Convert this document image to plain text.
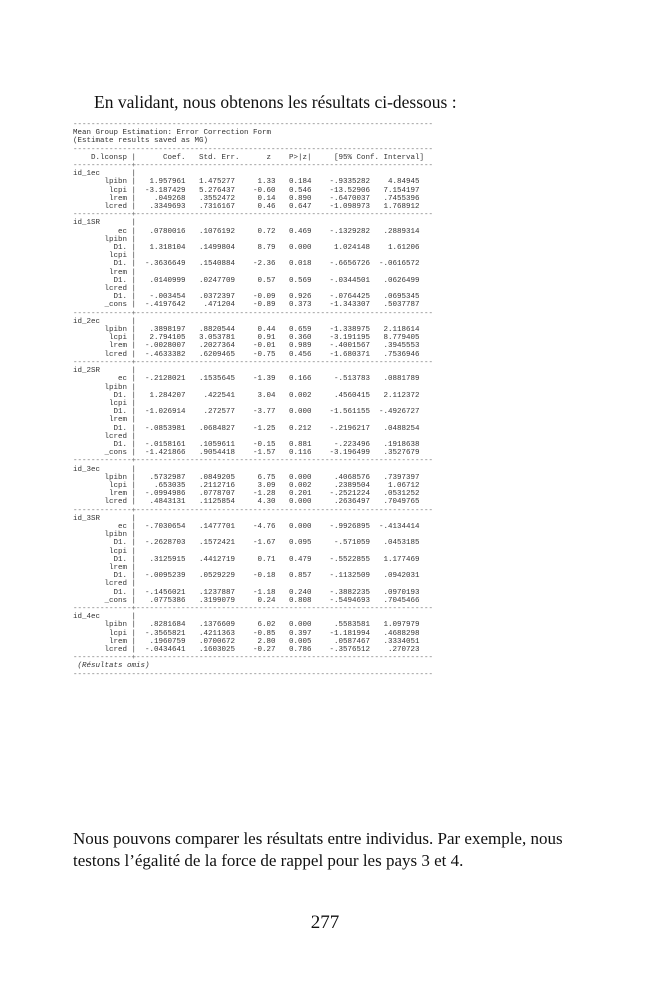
En validant, nous obtenons les résultats ci-dessous :
--------------------------------------------------------------------------------
Mean Group Estimation: Error Correction Form
(Estimate results saved as MG)
--------------------------------------------------------------------------------
D.lconsp |      Coef.   Std. Err.      z    P>|z|     [95% Conf. Interval]
-------------+------------------------------------------------------------------
id_1ec       |
lpibn |   1.957961   1.475277     1.33   0.184    -.9335282    4.84945
lcpi |  -3.187429   5.276437    -0.60   0.546    -13.52906   7.154197
lrem |    .049268   .3552472     0.14   0.890    -.6470037   .7455396
lcred |   .3349693   .7316167     0.46   0.647    -1.098973   1.768912
-------------+------------------------------------------------------------------
id_1SR       |
ec |   .0780016   .1076192     0.72   0.469    -.1329282   .2889314
lpibn |
D1. |   1.318104   .1499804     8.79   0.000     1.024148    1.61206
lcpi |
D1. |  -.3636649   .1540884    -2.36   0.018    -.6656726  -.0616572
lrem |
D1. |   .0140999   .0247709     0.57   0.569    -.0344501   .0626499
lcred |
D1. |   -.003454   .0372397    -0.09   0.926    -.0764425   .0695345
_cons |  -.4197642    .471204    -0.89   0.373    -1.343307   .5037787
-------------+------------------------------------------------------------------
id_2ec       |
lpibn |   .3898197   .8820544     0.44   0.659    -1.338975   2.118614
lcpi |   2.794105   3.053781     0.91   0.360    -3.191195   8.779405
lrem |  -.0028007   .2027364    -0.01   0.989    -.4001567   .3945553
lcred |  -.4633382   .6209465    -0.75   0.456    -1.680371   .7536946
-------------+------------------------------------------------------------------
id_2SR       |
ec |  -.2128021   .1535645    -1.39   0.166     -.513783   .0881789
lpibn |
D1. |   1.284207    .422541     3.04   0.002     .4560415   2.112372
lcpi |
D1. |  -1.026914    .272577    -3.77   0.000    -1.561155  -.4926727
lrem |
D1. |  -.0853981   .0684827    -1.25   0.212    -.2196217   .0488254
lcred |
D1. |  -.0158161   .1059611    -0.15   0.881     -.223496   .1918638
_cons |  -1.421866   .9054418    -1.57   0.116    -3.196499   .3527679
-------------+------------------------------------------------------------------
id_3ec       |
lpibn |   .5732987   .0849205     6.75   0.000     .4068576   .7397397
lcpi |    .653035   .2112716     3.09   0.002     .2389504    1.06712
lrem |  -.0994986   .0778707    -1.28   0.201    -.2521224   .0531252
lcred |   .4843131   .1125854     4.30   0.000     .2636497   .7049765
-------------+------------------------------------------------------------------
id_3SR       |
ec |  -.7030654   .1477701    -4.76   0.000    -.9926895  -.4134414
lpibn |
D1. |  -.2628703   .1572421    -1.67   0.095     -.571059   .0453185
lcpi |
D1. |   .3125915   .4412719     0.71   0.479    -.5522855   1.177469
lrem |
D1. |  -.0095239   .0529229    -0.18   0.857    -.1132509   .0942031
lcred |
D1. |  -.1456021   .1237887    -1.18   0.240    -.3882235   .0970193
_cons |   .0775386   .3199079     0.24   0.808    -.5494693   .7045466
-------------+------------------------------------------------------------------
id_4ec       |
lpibn |   .8281684   .1376609     6.02   0.000     .5583581   1.097979
lcpi |  -.3565821   .4211363    -0.85   0.397    -1.181994   .4688298
lrem |   .1960759   .0700672     2.80   0.005     .0587467   .3334051
lcred |  -.0434641   .1603025    -0.27   0.786    -.3576512    .270723
-------------+------------------------------------------------------------------
(Résultats omis)
--------------------------------------------------------------------------------
Nous pouvons comparer les résultats entre individus. Par exemple, nous testons l’égalité de la force de rappel pour les pays 3 et 4.
277
